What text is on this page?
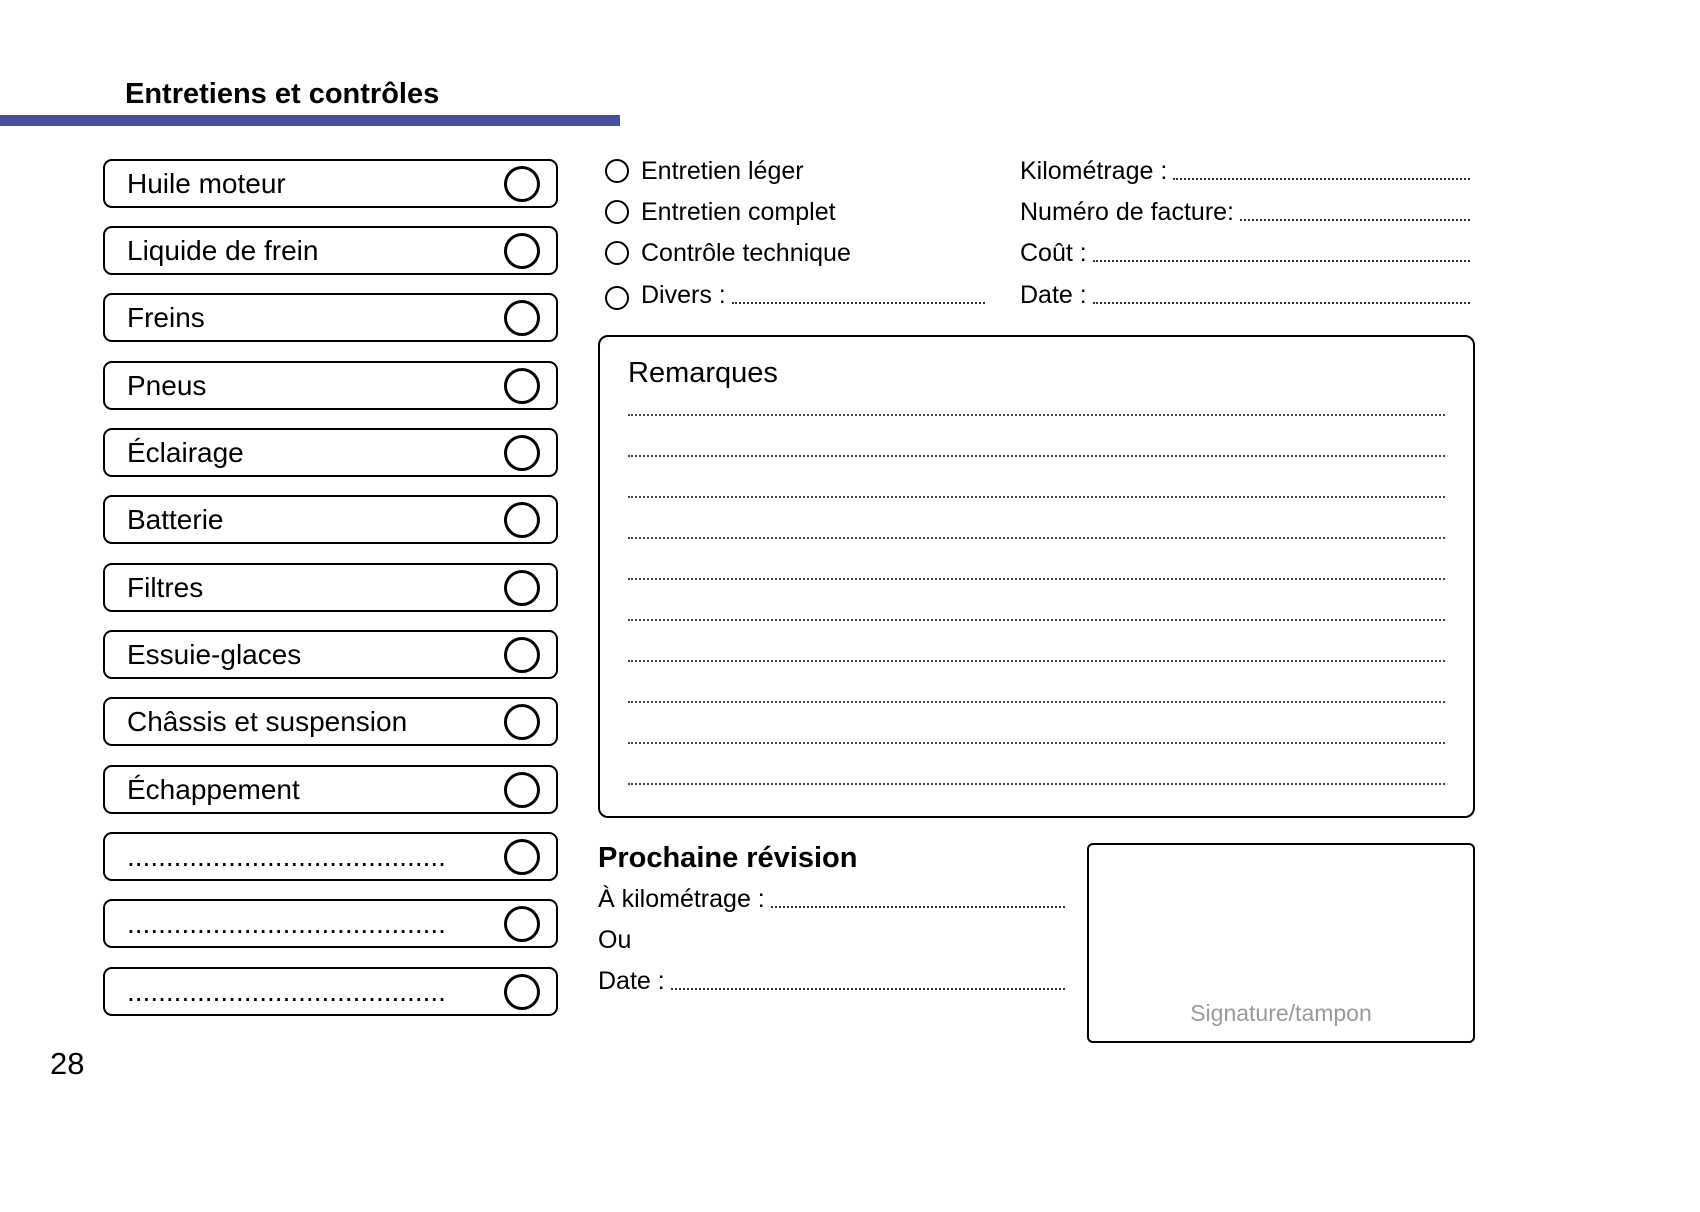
Entretiens et contrôles
Huile moteur
Liquide de frein
Freins
Pneus
Éclairage
Batterie
Filtres
Essuie-glaces
Châssis et suspension
Échappement
.........................................
.........................................
.........................................
Entretien léger
Entretien complet
Contrôle technique
Divers :
Kilométrage :
Numéro de facture:
Coût :
Date :
Remarques
Prochaine révision
À kilométrage :
Ou
Date :
Signature/tampon
28
